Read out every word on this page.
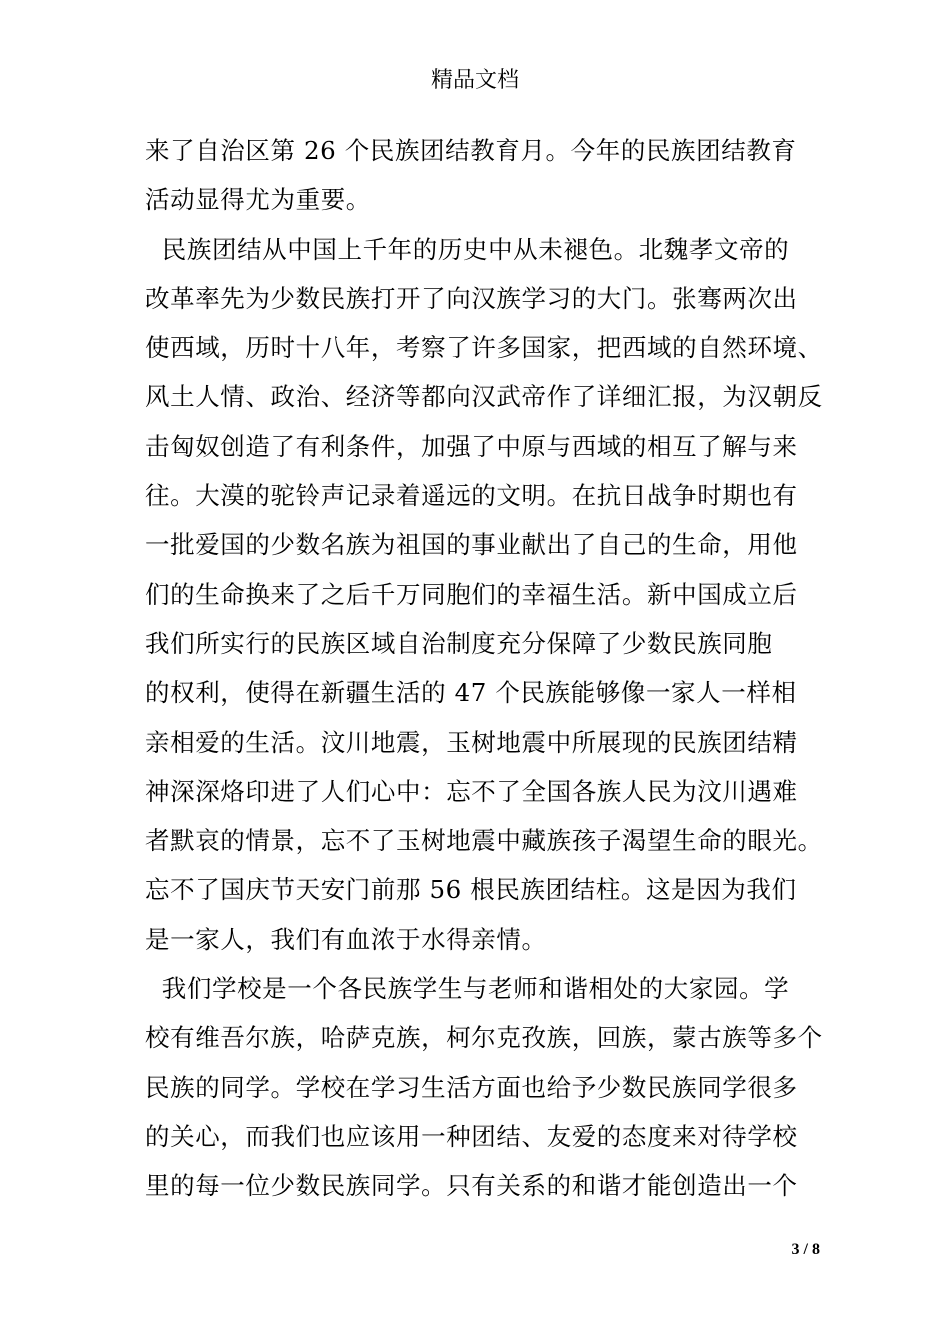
精品文档
来了自治区第 26 个民族团结教育月。今年的民族团结教育
活动显得尤为重要。
民族团结从中国上千年的历史中从未褪色。北魏孝文帝的
改革率先为少数民族打开了向汉族学习的大门。张骞两次出
使西域，历时十八年，考察了许多国家，把西域的自然环境、
风土人情、政治、经济等都向汉武帝作了详细汇报，为汉朝反
击匈奴创造了有利条件，加强了中原与西域的相互了解与来
往。大漠的驼铃声记录着遥远的文明。在抗日战争时期也有
一批爱国的少数名族为祖国的事业献出了自己的生命，用他
们的生命换来了之后千万同胞们的幸福生活。新中国成立后
我们所实行的民族区域自治制度充分保障了少数民族同胞
的权利，使得在新疆生活的 47 个民族能够像一家人一样相
亲相爱的生活。汶川地震，玉树地震中所展现的民族团结精
神深深烙印进了人们心中：忘不了全国各族人民为汶川遇难
者默哀的情景，忘不了玉树地震中藏族孩子渴望生命的眼光。
忘不了国庆节天安门前那 56 根民族团结柱。这是因为我们
是一家人，我们有血浓于水得亲情。
我们学校是一个各民族学生与老师和谐相处的大家园。学
校有维吾尔族，哈萨克族，柯尔克孜族，回族，蒙古族等多个
民族的同学。学校在学习生活方面也给予少数民族同学很多
的关心，而我们也应该用一种团结、友爱的态度来对待学校
里的每一位少数民族同学。只有关系的和谐才能创造出一个
3 / 8
